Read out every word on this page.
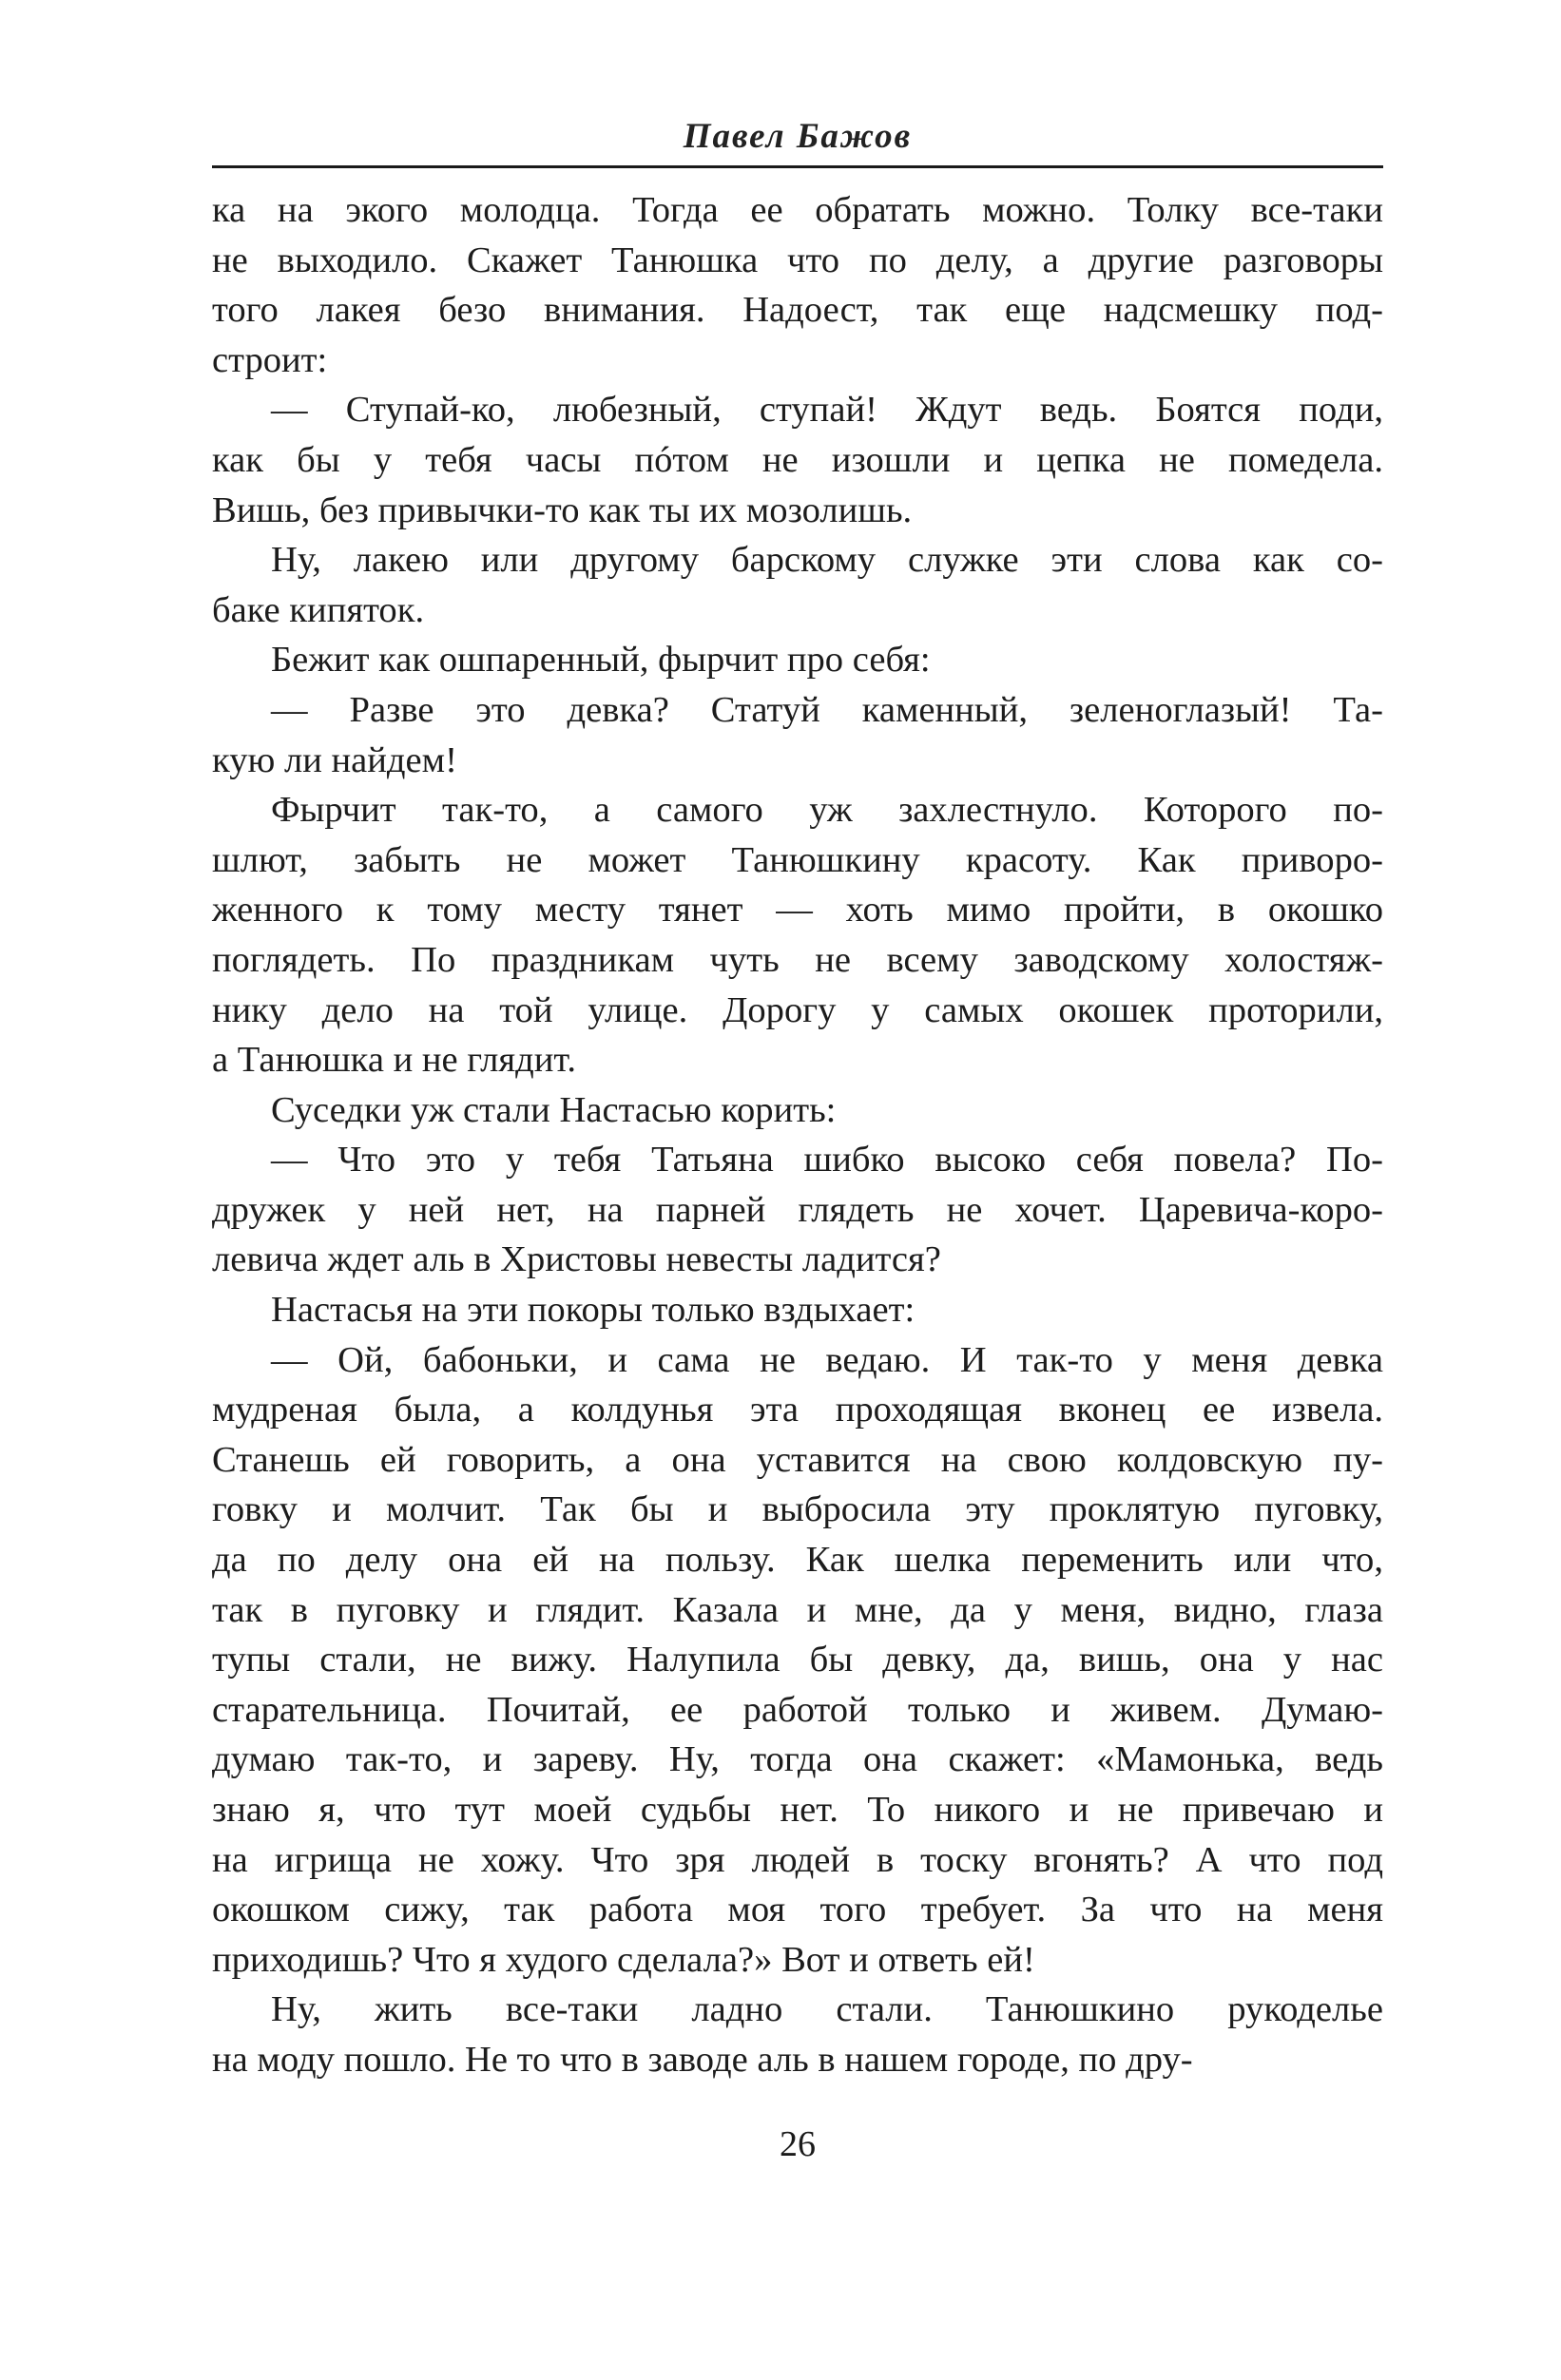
Павел Бажов
ка на экого молодца. Тогда ее обратать можно. Толку все-таки
не выходило. Скажет Танюшка что по делу, а другие разговоры
того лакея безо внимания. Надоест, так еще надсмешку под-
строит:
— Ступай-ко, любезный, ступай! Ждут ведь. Боятся поди,
как бы у тебя часы пóтом не изошли и цепка не помедела.
Вишь, без привычки-то как ты их мозолишь.
Ну, лакею или другому барскому служке эти слова как со-
баке кипяток.
Бежит как ошпаренный, фырчит про себя:
— Разве это девка? Статуй каменный, зеленоглазый! Та-
кую ли найдем!
Фырчит так-то, а самого уж захлестнуло. Которого по-
шлют, забыть не может Танюшкину красоту. Как приворо-
женного к тому месту тянет — хоть мимо пройти, в окошко
поглядеть. По праздникам чуть не всему заводскому холостяж-
нику дело на той улице. Дорогу у самых окошек проторили,
а Танюшка и не глядит.
Суседки уж стали Настасью корить:
— Что это у тебя Татьяна шибко высоко себя повела? По-
дружек у ней нет, на парней глядеть не хочет. Царевича-коро-
левича ждет аль в Христовы невесты ладится?
Настасья на эти покоры только вздыхает:
— Ой, бабоньки, и сама не ведаю. И так-то у меня девка
мудреная была, а колдунья эта проходящая вконец ее извела.
Станешь ей говорить, а она уставится на свою колдовскую пу-
говку и молчит. Так бы и выбросила эту проклятую пуговку,
да по делу она ей на пользу. Как шелка переменить или что,
так в пуговку и глядит. Казала и мне, да у меня, видно, глаза
тупы стали, не вижу. Налупила бы девку, да, вишь, она у нас
старательница. Почитай, ее работой только и живем. Думаю-
думаю так-то, и зареву. Ну, тогда она скажет: «Мамонька, ведь
знаю я, что тут моей судьбы нет. То никого и не привечаю и
на игрища не хожу. Что зря людей в тоску вгонять? А что под
окошком сижу, так работа моя того требует. За что на меня
приходишь? Что я худого сделала?» Вот и ответь ей!
Ну, жить все-таки ладно стали. Танюшкино рукоделье
на моду пошло. Не то что в заводе аль в нашем городе, по дру-
26
